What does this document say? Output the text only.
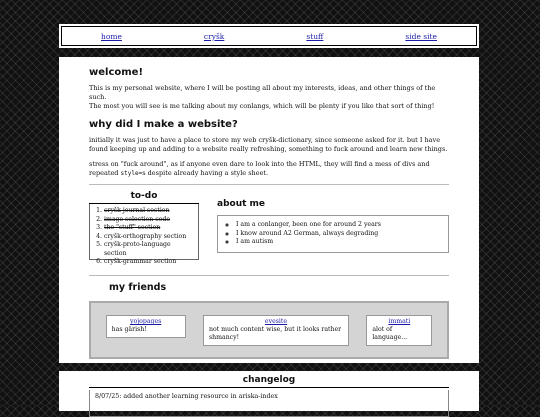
home	cryšk	stuff	side site
welcome!

This is my personal website, where I will be posting all about my interests, ideas, and other things of the such.

The most you will see is me talking about my conlangs, which will be plenty if you like that sort of thing!

why did I make a website?

initially it was just to have a place to store my web cryšk-dictionary, since someone asked for it. but I have found keeping up and adding to a website really refreshing, something to fuck around and learn new things.

stress on "fuck around", as if anyone even dare to look into the HTML, they will find a mess of divs and repeated style=s despite already having a style sheet.

to-do
1. cryšk-journal section
2. image selection code
3. the "stuff" section
4. cryšk-orthography section
5. cryšk-proto-language section
6. cryšk-grammar section
about me
◦ I am a conlanger, been one for around 2 years
◦ I know around A2 German, always degrading
◦ I am autism
my friends
yojopages
has gärish!
evesite
not much content wise, but it looks rather shmancy!
immati
alot of language...
changelog
8/07/25: added another learning resource in ariska-index
